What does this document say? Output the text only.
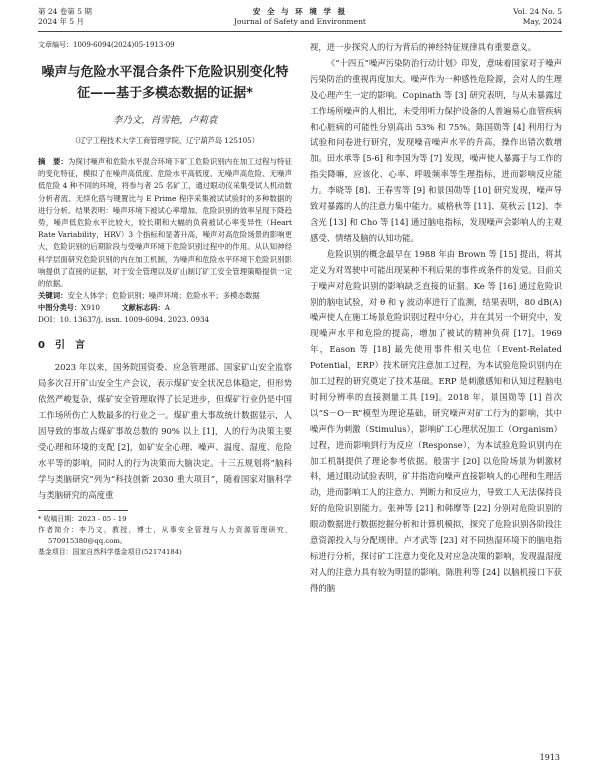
第 24 卷第 5 期
2024 年 5 月
安 全 与 环 境 学 报
Journal of Safety and Environment
Vol. 24 No. 5
May, 2024
文章编号：1009-6094(2024)05-1913-09
噪声与危险水平混合条件下危险识别变化特征——基于多模态数据的证据*
李乃文，肖雪艳，卢莉袁
（辽宁工程技术大学工商管理学院，辽宁葫芦岛 125105）

摘　要：为探讨噪声和危险水平混合环境下矿工危险识别内在加工过程与特征的变化特征，模拟了在噪声高低度、危险水平高低度、无噪声高危险、无噪声低危险 4 种不同的环境，将参与者 25 名矿工，通过眼动仪采集受试人机动数分析者流、无续化搭与键置比与 E Prime 程序采集被试试验时的多种数据的进行分析。结果表明：噪声环境下被试心率增加、危险识别的效率呈现下降趋势，噪声低危险水平比较大，较长期和大幅的负荷被试心率变异性（Heart Rate Variability，HRV）3 个指标和显著升高，噪声对高危险场景的影响更大，危险识别的后期阶段与受噪声环境下危险识别过程中的作用。从认知神经科学层面研究危险识别的内在加工机制，为噪声和危险水平环境下危险识别影响提供了直接的证据，对于安全管理以及矿山制订矿工安全管理策略提供一定的依据。

关键词：安全人体学；危险识别；噪声环境；危险水平；多模态数据

中图分类号：X910　　　	文献标志码：A

DOI：10. 13637/j. issn. 1009-6094. 2023. 0934

0　引　言

2023 年以来，国务院国资委、应急管理部、国家矿山安全监察局多次召开矿山安全生产会议，表示煤矿安全状况总体稳定，但形势依然严峻复杂，煤矿安全管理取得了长足进步，但煤矿行业仍是中国工作场所伤亡人数最多的行业之一。煤矿重大事故统计数据显示，人因导致的事故占煤矿事故总数的 90% 以上 [1]，人的行为决策主要受心理和环境的支配 [2]，如矿安全心理、噪声、温度、湿度、危险水平等的影响，同时人的行为决策而大脑决定。十三五规划将“脑科学与类脑研究”列为“科技创新 2030 重大项目”，随着国家对脑科学与类脑研究的高度重

* 收稿日期：2023 - 05 - 19

作者简介：李乃文，教授，博士，从事安全管理与人力资源管理研究，570915380@qq.com。

基金项目：国家自然科学基金项目(52174184)

视，进一步探究人的行为背后的神经特征规律具有重要意义。

《“十四五”噪声污染防治行动计划》印发，意味着国家对于噪声污染防治的重视再度加大。噪声作为一种感性危险源，会对人的生理及心理产生一定的影响。Copinath 等 [3] 研究表明，与从未暴露过工作场所噪声的人相比，未受用听力保护设备的人普遍易心血管疾病和心脏病的可能性分别高出 53% 和 75%。陈国勋等 [4] 利用行为试验和问卷进行研究，发现噪音噪声水平的升高，操作出错次数增加。田水承等 [5-6] 和李国为等 [7] 发现，噪声使人暴露于与工作的指尖降嘛，应该化、心率、呼吸频率等生理指标，进而影响反应能力。李晓等 [8]、王春雪等 [9] 和景国勋等 [10] 研究发现，噪声导致对暴露的人的注意力集中能力。威格秋等 [11]、莫秋云 [12]、李含光 [13] 和 Cho 等 [14] 通过脑电指标，发现噪声会影响人的主观感受、情绪及脑的认知功能。

危险识别的概念最早在 1988 年由 Brown 等 [15] 提出，将其定义为对驾驶中可能出现某种不利后果的事件或条件的发觉。目前关于噪声对危险识别的影响缺乏直接的证据。Ke 等 [16] 通过危险识别的脑电试验，对 θ 和 γ 波动率进行了监测，结果表明，80 dB(A) 噪声使人在施工场景危险识别过程中分心，并在其另一个研究中，发现噪声水平和危险的提高，增加了被试的精神负荷 [17]。1969 年，Eason 等 [18] 最先使用事件相关电位（Event-Related Potential，ERP）技术研究注意加工过程，为本试验危险识别内在加工过程的研究奠定了技术基础。ERP 是刺激感知和认知过程脑电时间分辨率的直接测量工具 [19]。2018 年，景国勋等 [1] 首次以“S－O－R”模型为理论基础，研究噪声对矿工行为的影响，其中噪声作为刺激（Stimulus），影响矿工心理状况加工（Organism）过程，进而影响到行为反应（Response），为本试验危险识别内在加工机制提供了理论参考依据。般雷宇 [20] 以危险场景为刺激材料，通过眼动试验表明，矿井指造向噪声直接影响人的心理和生理活动，进而影响工人的注意力、判断力和反应力，导致工人无法保持良好的危险识别能力。张神等 [21] 和韩摩等 [22] 分别对危险识别的眼动数据进行数据挖掘分析和计算机模拟，探究了危险识别各阶段注意资源投入与分配规律。卢才武等 [23] 对不同热湿环境下的脑电指标进行分析，探讨矿工注意力变化及对应急决策的影响，发现温湿度对人的注意力具有较为明显的影响。陈胜利等 [24] 以脑机接口下获得的脑

1913
